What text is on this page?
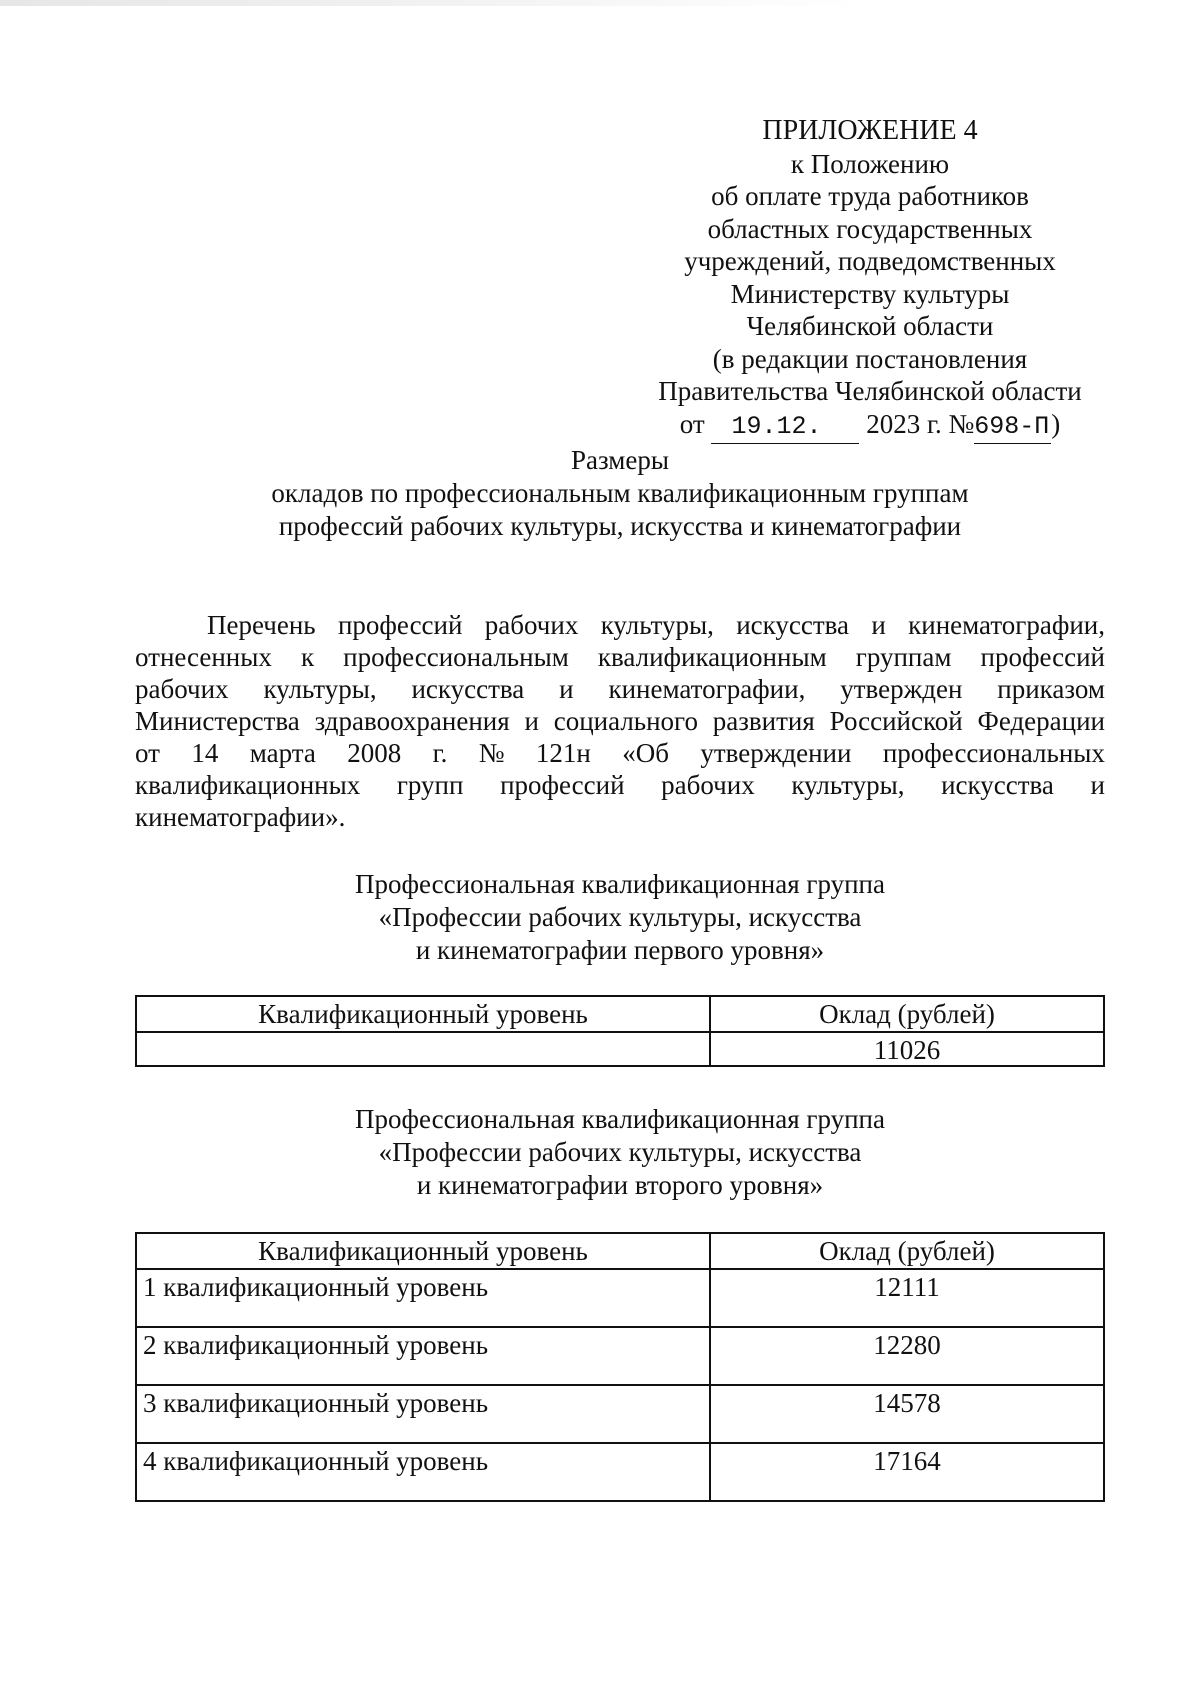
ПРИЛОЖЕНИЕ 4
к Положению
об оплате труда работников
областных государственных
учреждений, подведомственных
Министерству культуры
Челябинской области
(в редакции постановления
Правительства Челябинской области
от 19.12. 2023 г. №698-П)
Размеры
окладов по профессиональным квалификационным группам
профессий рабочих культуры, искусства и кинематографии
Перечень профессий рабочих культуры, искусства и кинематографии,
отнесенных к профессиональным квалификационным группам профессий
рабочих культуры, искусства и кинематографии, утвержден приказом
Министерства здравоохранения и социального развития Российской Федерации
от 14 марта 2008 г. № 121н «Об утверждении профессиональных
квалификационных групп профессий рабочих культуры, искусства и
кинематографии».
Профессиональная квалификационная группа
«Профессии рабочих культуры, искусства
и кинематографии первого уровня»
Квалификационный уровень	Оклад (рублей)
	11026
Профессиональная квалификационная группа
«Профессии рабочих культуры, искусства
и кинематографии второго уровня»
Квалификационный уровень	Оклад (рублей)
1 квалификационный уровень	12111
2 квалификационный уровень	12280
3 квалификационный уровень	14578
4 квалификационный уровень	17164
